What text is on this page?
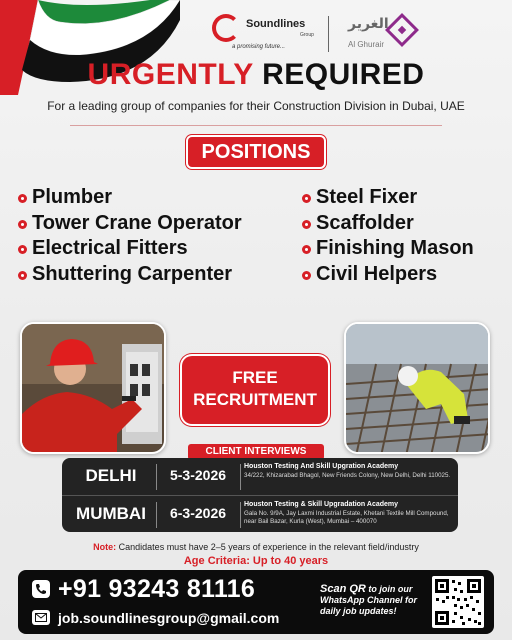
Soundlines
Group
a promising future...
الغرير
Al Ghurair
URGENTLY REQUIRED
For a leading group of companies for their Construction Division in Dubai, UAE
POSITIONS
Plumber
Tower Crane Operator
Electrical Fitters
Shuttering Carpenter
Steel Fixer
Scaffolder
Finishing Mason
Civil Helpers
FREE
RECRUITMENT
CLIENT INTERVIEWS
DELHI	5-3-2026
Houston Testing And Skill Upgration Academy
34/222, Khizarabad Bhagol, New Friends Colony, New Delhi, Delhi 110025.
MUMBAI	6-3-2026
Houston Testing & Skill Upgradation Academy
Gala No. 9/9A, Jay Laxmi Industrial Estate, Khetani Textile Mill Compound, near Bail Bazar, Kurla (West), Mumbai – 400070
Note: Candidates must have 2–5 years of experience in the relevant field/industry
Age Criteria: Up to 40 years
+91 93243 81116
job.soundlinesgroup@gmail.com
Scan QR to join our WhatsApp Channel for daily job updates!
